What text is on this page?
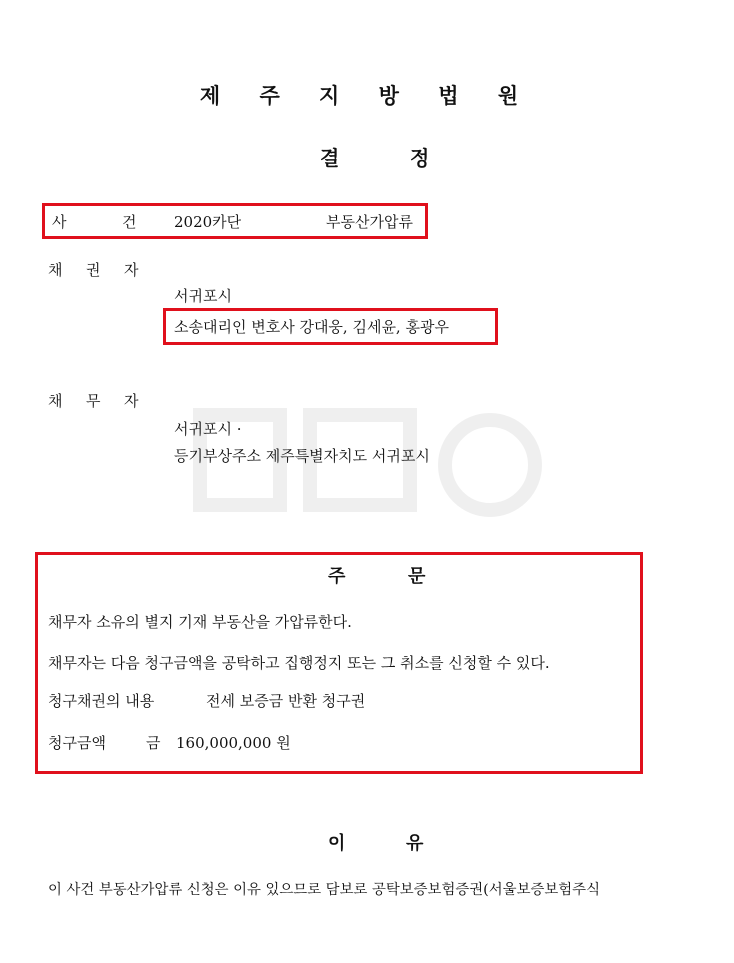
제 주 지 방 법 원
결	정
사	건	2020카단	부동산가압류
채 권 자
서귀포시
소송대리인 변호사 강대웅, 김세윤, 홍광우
채 무 자
서귀포시 ·
등기부상주소 제주특별자치도 서귀포시
주	문
채무자 소유의 별지 기재 부동산을 가압류한다.
채무자는 다음 청구금액을 공탁하고 집행정지 또는 그 취소를 신청할 수 있다.
청구채권의 내용	전세 보증금 반환 청구권
청구금액	금 160,000,000 원
이	유
이 사건 부동산가압류 신청은 이유 있으므로 담보로 공탁보증보험증권(서울보증보험주식
